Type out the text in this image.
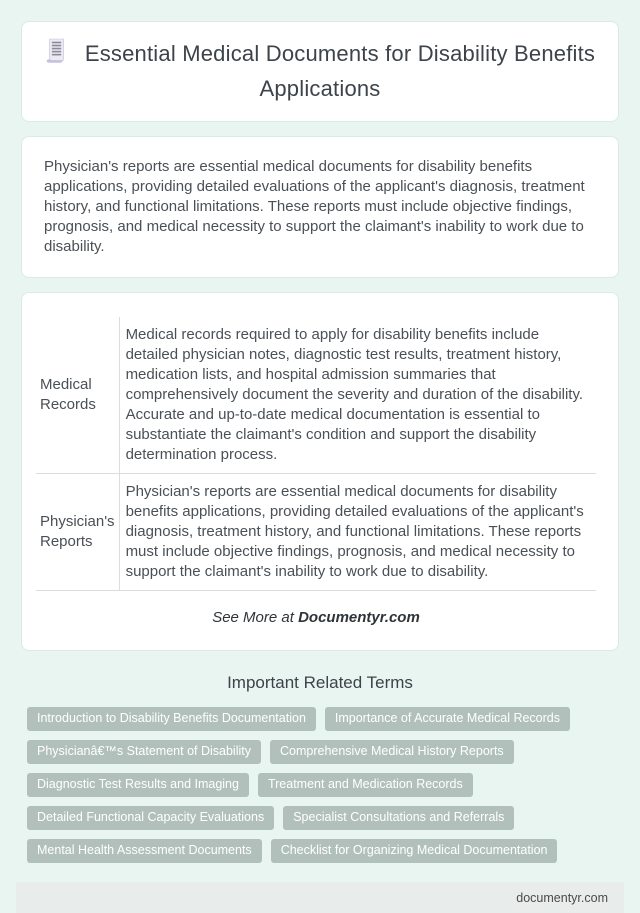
Essential Medical Documents for Disability Benefits Applications

Physician's reports are essential medical documents for disability benefits applications, providing detailed evaluations of the applicant's diagnosis, treatment history, and functional limitations. These reports must include objective findings, prognosis, and medical necessity to support the claimant's inability to work due to disability.

Medical Records	Medical records required to apply for disability benefits include detailed physician notes, diagnostic test results, treatment history, medication lists, and hospital admission summaries that comprehensively document the severity and duration of the disability. Accurate and up-to-date medical documentation is essential to substantiate the claimant's condition and support the disability determination process.
Physician's Reports	Physician's reports are essential medical documents for disability benefits applications, providing detailed evaluations of the applicant's diagnosis, treatment history, and functional limitations. These reports must include objective findings, prognosis, and medical necessity to support the claimant's inability to work due to disability.
See More at Documentyr.com
Important Related Terms
Introduction to Disability Benefits Documentation	Importance of Accurate Medical Records
Physicianâ€™s Statement of Disability	Comprehensive Medical History Reports
Diagnostic Test Results and Imaging	Treatment and Medication Records
Detailed Functional Capacity Evaluations	Specialist Consultations and Referrals
Mental Health Assessment Documents	Checklist for Organizing Medical Documentation
documentyr.com
